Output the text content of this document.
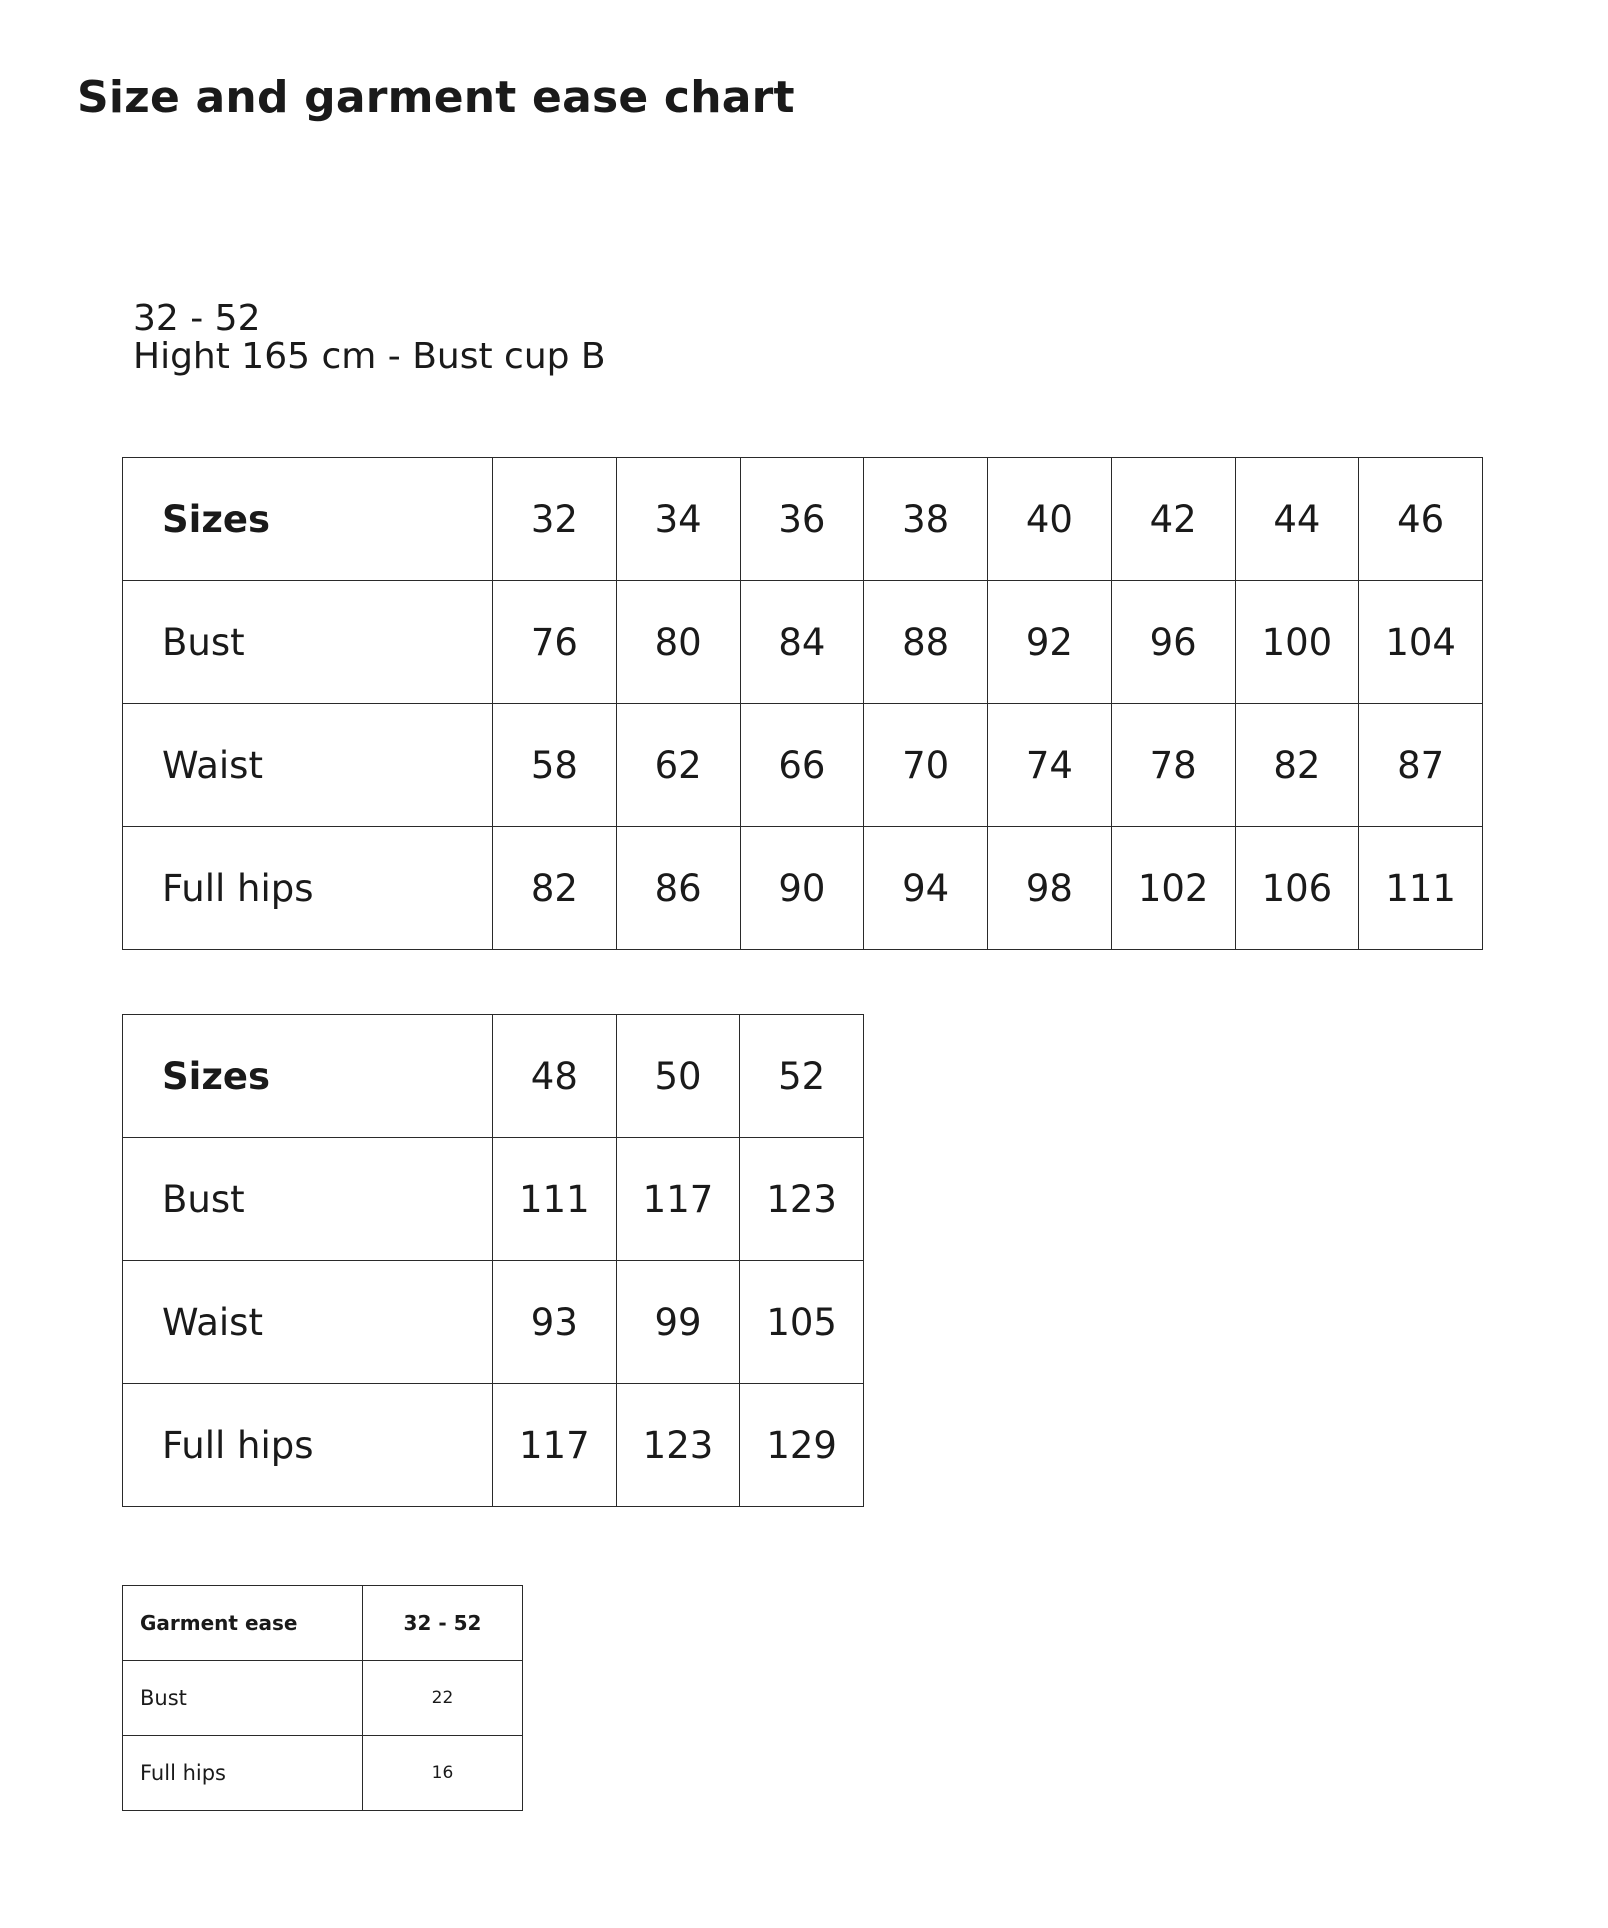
Size and garment ease chart
32 - 52
Hight 165 cm - Bust cup B
Sizes	32	34	36	38	40	42	44	46
Bust	76	80	84	88	92	96	100	104
Waist	58	62	66	70	74	78	82	87
Full hips	82	86	90	94	98	102	106	111
Sizes	48	50	52
Bust	111	117	123
Waist	93	99	105
Full hips	117	123	129
Garment ease	32 - 52
Bust	22
Full hips	16
